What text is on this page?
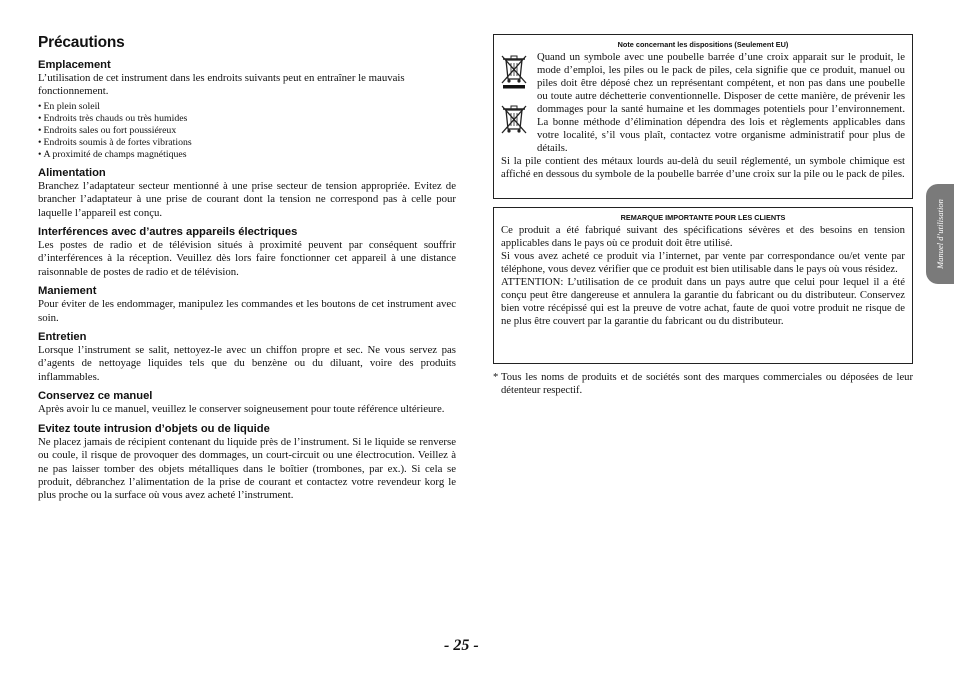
Précautions
Emplacement

L’utilisation de cet instrument dans les endroits suivants peut en entraîner le mauvais fonctionnement.

• En plein soleil
• Endroits très chauds ou très humides
• Endroits sales ou fort poussiéreux
• Endroits soumis à de fortes vibrations
• A proximité de champs magnétiques
Alimentation

Branchez l’adaptateur secteur mentionné à une prise secteur de tension appropriée. Evitez de brancher l’adaptateur à une prise de courant dont la tension ne correspond pas à celle pour laquelle l’appareil est conçu.

Interférences avec d’autres appareils électriques

Les postes de radio et de télévision situés à proximité peuvent par conséquent souffrir d’interférences à la réception. Veuillez dès lors faire fonctionner cet appareil à une distance raisonnable de postes de radio et de télévision.

Maniement

Pour éviter de les endommager, manipulez les commandes et les boutons de cet instrument avec soin.

Entretien

Lorsque l’instrument se salit, nettoyez-le avec un chiffon propre et sec. Ne vous servez pas d’agents de nettoyage liquides tels que du benzène ou du diluant, voire des produits inflammables.

Conservez ce manuel

Après avoir lu ce manuel, veuillez le conserver soigneusement pour toute référence ultérieure.

Evitez toute intrusion d’objets ou de liquide

Ne placez jamais de récipient contenant du liquide près de l’instrument. Si le liquide se renverse ou coule, il risque de provoquer des dommages, un court-circuit ou une électrocution. Veillez à ne pas laisser tomber des objets métalliques dans le boîtier (trombones, par ex.). Si cela se produit, débranchez l’alimentation de la prise de courant et contactez votre revendeur korg le plus proche ou la surface où vous avez acheté l’instrument.

Note concernant les dispositions (Seulement EU)

Quand un symbole avec une poubelle barrée d’une croix apparait sur le produit, le mode d’emploi, les piles ou le pack de piles, cela signifie que ce produit, manuel ou piles doit être déposé chez un représentant compétent, et non pas dans une poubelle ou toute autre déchetterie conventionnelle. Disposer de cette manière, de prévenir les dommages pour la santé humaine et les dommages potentiels pour l’environnement. La bonne méthode d’élimination dépendra des lois et règlements applicables dans votre localité, s’il vous plaît, contactez votre organisme administratif pour plus de détails.

Si la pile contient des métaux lourds au-delà du seuil réglementé, un symbole chimique est affiché en dessous du symbole de la poubelle barrée d’une croix sur la pile ou le pack de piles.

REMARQUE IMPORTANTE POUR LES CLIENTS

Ce produit a été fabriqué suivant des spécifications sévères et des besoins en tension applicables dans le pays où ce produit doit être utilisé.

Si vous avez acheté ce produit via l’internet, par vente par correspondance ou/et vente par téléphone, vous devez vérifier que ce produit est bien utilisable dans le pays où vous résidez.

ATTENTION: L’utilisation de ce produit dans un pays autre que celui pour lequel il a été conçu peut être dangereuse et annulera la garantie du fabricant ou du distributeur. Conservez bien votre récépissé qui est la preuve de votre achat, faute de quoi votre produit ne risque de ne plus être couvert par la garantie du fabricant ou du distributeur.

* Tous les noms de produits et de sociétés sont des marques commerciales ou déposées de leur détenteur respectif.
- 25 -
Manuel d’utilisation
